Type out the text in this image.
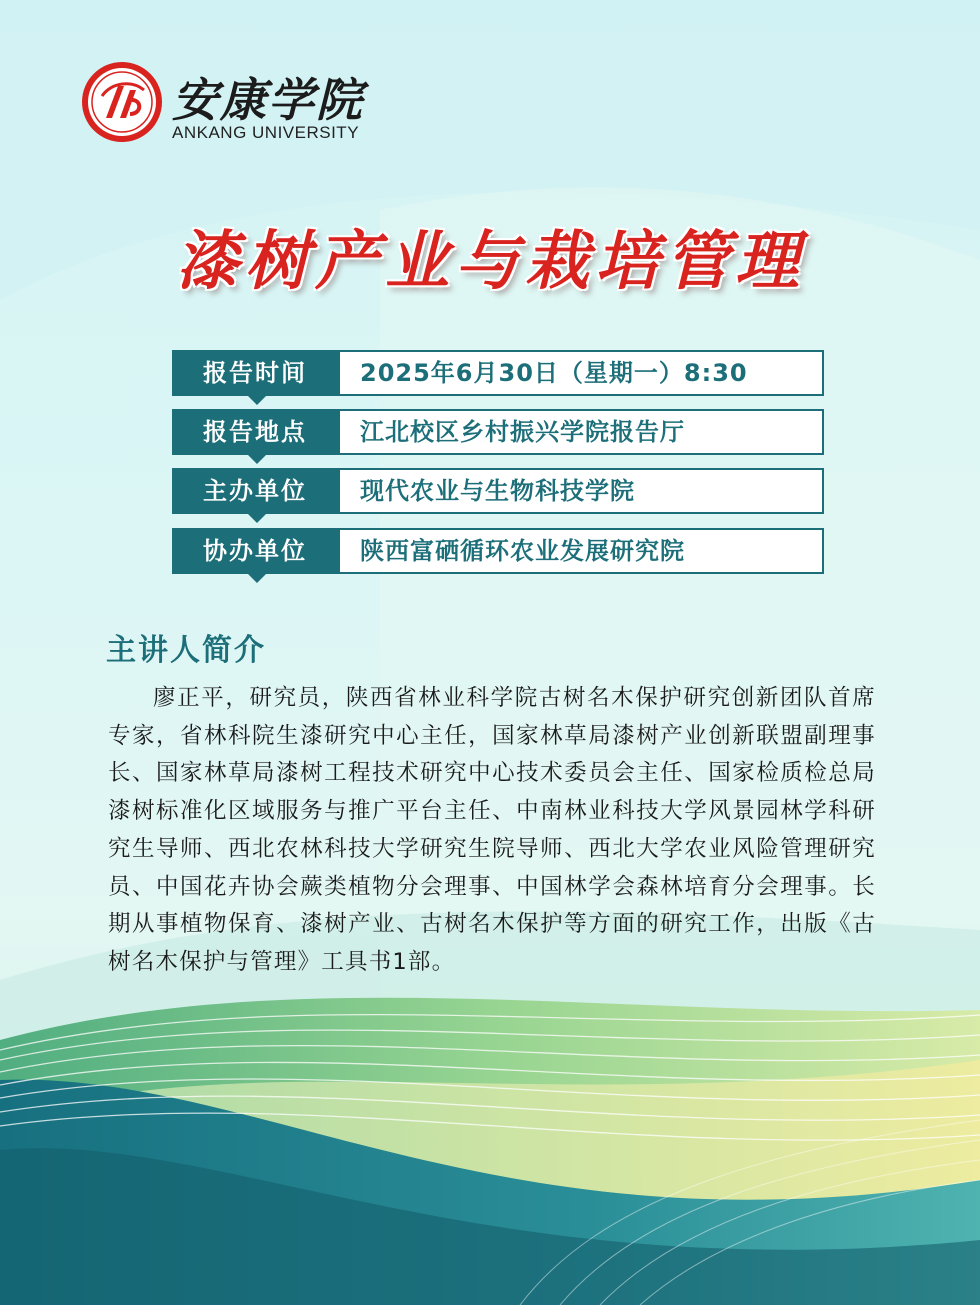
安康学院
ANKANG UNIVERSITY
漆树产业与栽培管理
报告时间	2025年6月30日（星期一）8:30
报告地点	江北校区乡村振兴学院报告厅
主办单位	现代农业与生物科技学院
协办单位	陕西富硒循环农业发展研究院
主讲人简介
廖正平，研究员，陕西省林业科学院古树名木保护研究创新团队首席专家，省林科院生漆研究中心主任，国家林草局漆树产业创新联盟副理事长、国家林草局漆树工程技术研究中心技术委员会主任、国家检质检总局漆树标准化区域服务与推广平台主任、中南林业科技大学风景园林学科研究生导师、西北农林科技大学研究生院导师、西北大学农业风险管理研究员、中国花卉协会蕨类植物分会理事、中国林学会森林培育分会理事。长期从事植物保育、漆树产业、古树名木保护等方面的研究工作，出版《古树名木保护与管理》工具书1部。
